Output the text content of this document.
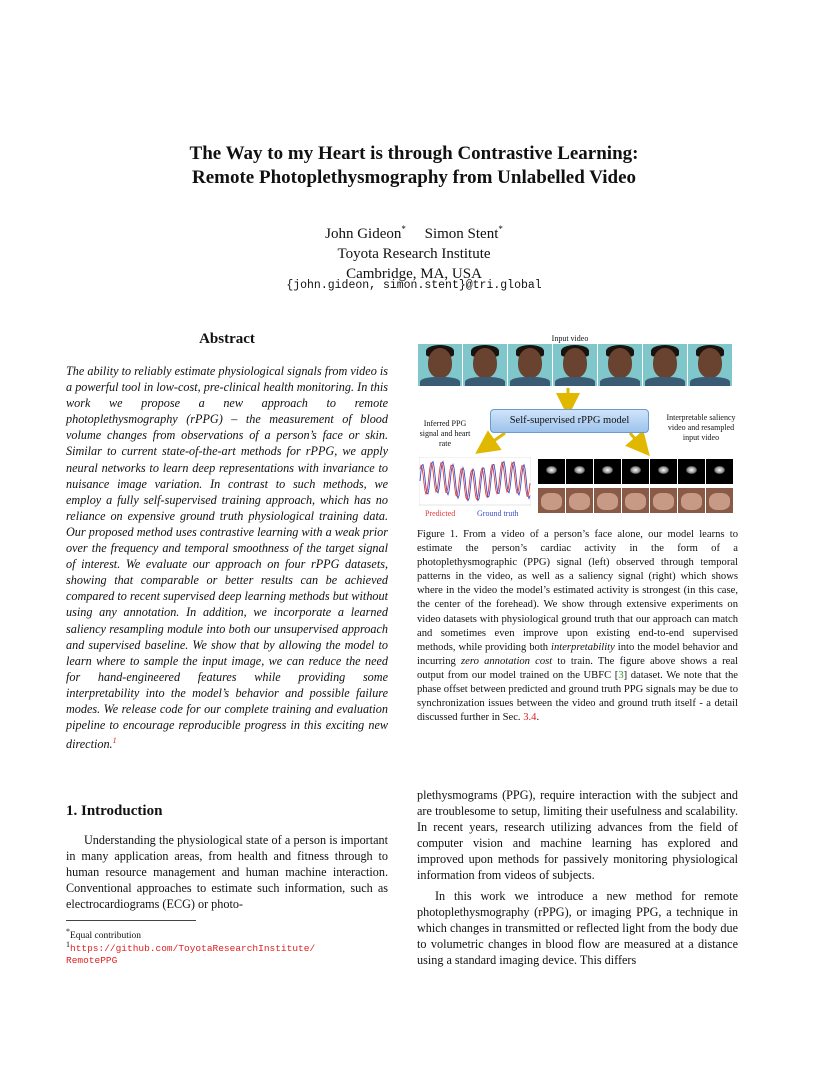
The Way to my Heart is through Contrastive Learning:
Remote Photoplethysmography from Unlabelled Video
John Gideon* Simon Stent*
Toyota Research Institute
Cambridge, MA, USA
{john.gideon, simon.stent}@tri.global
Abstract
The ability to reliably estimate physiological signals from video is a powerful tool in low-cost, pre-clinical health monitoring. In this work we propose a new approach to remote photoplethysmography (rPPG) – the measurement of blood volume changes from observations of a person’s face or skin. Similar to current state-of-the-art methods for rPPG, we apply neural networks to learn deep representations with invariance to nuisance image variation. In contrast to such methods, we employ a fully self-supervised training approach, which has no reliance on expensive ground truth physiological training data. Our proposed method uses contrastive learning with a weak prior over the frequency and temporal smoothness of the target signal of interest. We evaluate our approach on four rPPG datasets, showing that comparable or better results can be achieved compared to recent supervised deep learning methods but without using any annotation. In addition, we incorporate a learned saliency resampling module into both our unsupervised approach and supervised baseline. We show that by allowing the model to learn where to sample the input image, we can reduce the need for hand-engineered features while providing some interpretability into the model’s behavior and possible failure modes. We release code for our complete training and evaluation pipeline to encourage reproducible progress in this exciting new direction.$^1$
1. Introduction

Understanding the physiological state of a person is important in many application areas, from health and fitness through to human resource management and human machine interaction. Conventional approaches to estimate such information, such as electrocardiograms (ECG) or photo-

*Equal contribution
$^1$https://github.com/ToyotaResearchInstitute/
RemotePPG
Input video
Self-supervised rPPG model
Inferred PPG signal and heart rate
Interpretable saliency video and resampled input video
Predicted	Ground truth
Figure 1. From a video of a person’s face alone, our model learns to estimate the person’s cardiac activity in the form of a photoplethysmographic (PPG) signal (left) observed through temporal patterns in the video, as well as a saliency signal (right) which shows where in the video the model’s estimated activity is strongest (in this case, the center of the forehead). We show through extensive experiments on video datasets with physiological ground truth that our approach can match and sometimes even improve upon existing end-to-end supervised methods, while providing both interpretability into the model behavior and incurring zero annotation cost to train. The figure above shows a real output from our model trained on the UBFC [3] dataset. We note that the phase offset between predicted and ground truth PPG signals may be due to synchronization issues between the video and ground truth itself - a detail discussed further in Sec. 3.4.

plethysmograms (PPG), require interaction with the subject and are troublesome to setup, limiting their usefulness and scalability. In recent years, research utilizing advances from the field of computer vision and machine learning has explored and improved upon methods for passively monitoring physiological information from videos of subjects.

In this work we introduce a new method for remote photoplethysmography (rPPG), or imaging PPG, a technique in which changes in transmitted or reflected light from the body due to volumetric changes in blood flow are measured at a distance using a standard imaging device. This differs
